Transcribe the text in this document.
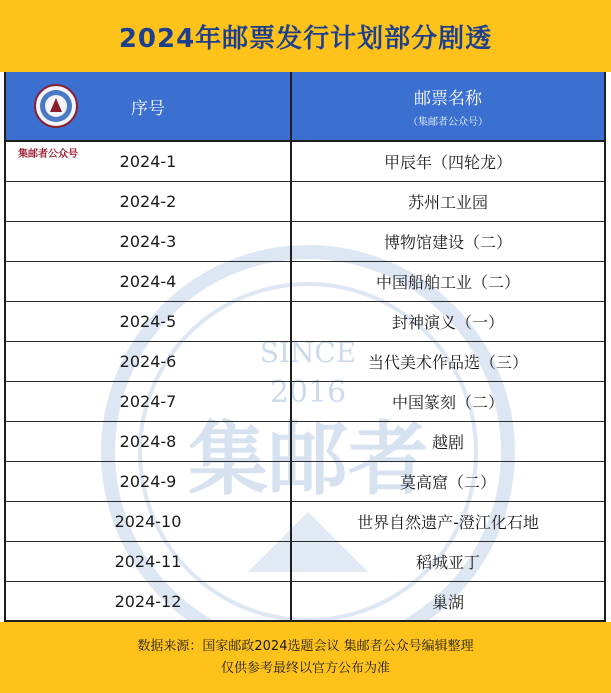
2024年邮票发行计划部分剧透
序号	邮票名称
（集邮者公众号）
集邮者公众号
SINCE
2016
集邮者
2024-1	甲辰年（四轮龙）
2024-2	苏州工业园
2024-3	博物馆建设（二）
2024-4	中国船舶工业（二）
2024-5	封神演义（一）
2024-6	当代美术作品选（三）
2024-7	中国篆刻（二）
2024-8	越剧
2024-9	莫高窟（二）
2024-10	世界自然遗产-澄江化石地
2024-11	稻城亚丁
2024-12	巢湖
数据来源：国家邮政2024选题会议 集邮者公众号编辑整理
仅供参考最终以官方公布为准
